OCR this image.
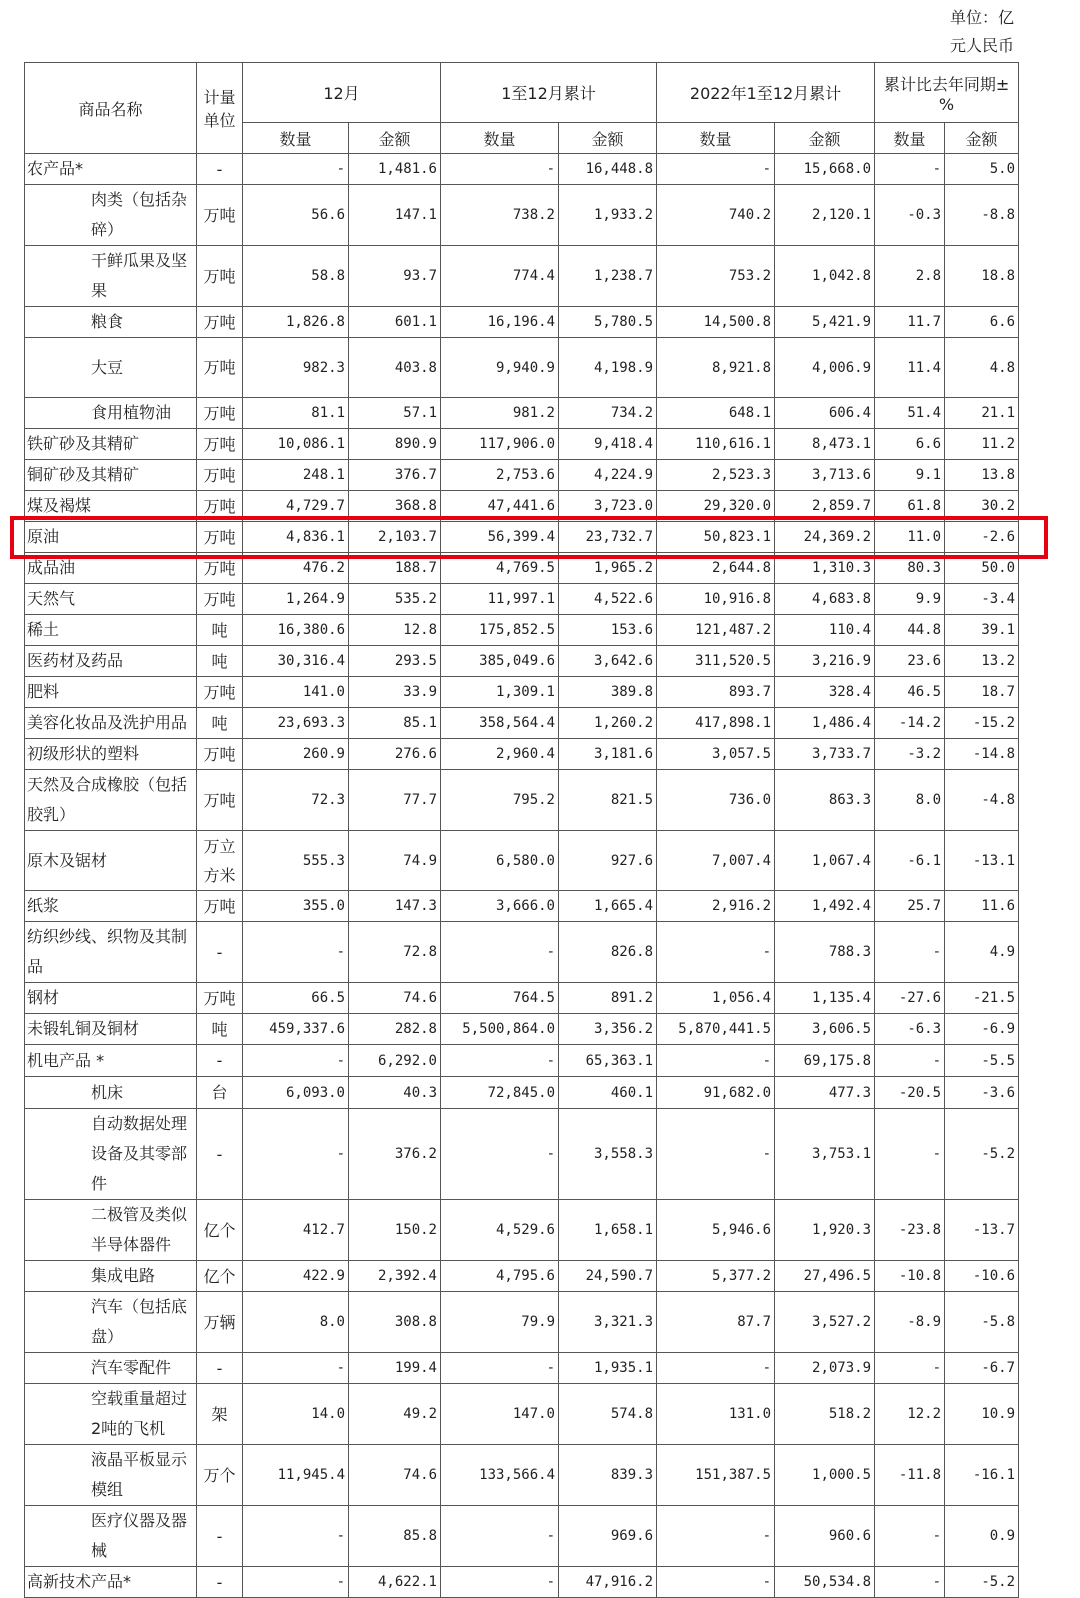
单位：亿
元人民币
商品名称	计量单位	12月		1至12月累计		2022年1至12月累计		累计比去年同期±%	
		数量	金额	数量	金额	数量	金额	数量	金额
农产品*	-	-	1,481.6	-	16,448.8	-	15,668.0	-	5.0
肉类（包括杂碎）	万吨	56.6	147.1	738.2	1,933.2	740.2	2,120.1	-0.3	-8.8
干鲜瓜果及坚果	万吨	58.8	93.7	774.4	1,238.7	753.2	1,042.8	2.8	18.8
粮食	万吨	1,826.8	601.1	16,196.4	5,780.5	14,500.8	5,421.9	11.7	6.6
大豆	万吨	982.3	403.8	9,940.9	4,198.9	8,921.8	4,006.9	11.4	4.8
食用植物油	万吨	81.1	57.1	981.2	734.2	648.1	606.4	51.4	21.1
铁矿砂及其精矿	万吨	10,086.1	890.9	117,906.0	9,418.4	110,616.1	8,473.1	6.6	11.2
铜矿砂及其精矿	万吨	248.1	376.7	2,753.6	4,224.9	2,523.3	3,713.6	9.1	13.8
煤及褐煤	万吨	4,729.7	368.8	47,441.6	3,723.0	29,320.0	2,859.7	61.8	30.2
原油	万吨	4,836.1	2,103.7	56,399.4	23,732.7	50,823.1	24,369.2	11.0	-2.6
成品油	万吨	476.2	188.7	4,769.5	1,965.2	2,644.8	1,310.3	80.3	50.0
天然气	万吨	1,264.9	535.2	11,997.1	4,522.6	10,916.8	4,683.8	9.9	-3.4
稀土	吨	16,380.6	12.8	175,852.5	153.6	121,487.2	110.4	44.8	39.1
医药材及药品	吨	30,316.4	293.5	385,049.6	3,642.6	311,520.5	3,216.9	23.6	13.2
肥料	万吨	141.0	33.9	1,309.1	389.8	893.7	328.4	46.5	18.7
美容化妆品及洗护用品	吨	23,693.3	85.1	358,564.4	1,260.2	417,898.1	1,486.4	-14.2	-15.2
初级形状的塑料	万吨	260.9	276.6	2,960.4	3,181.6	3,057.5	3,733.7	-3.2	-14.8
天然及合成橡胶（包括胶乳）	万吨	72.3	77.7	795.2	821.5	736.0	863.3	8.0	-4.8
原木及锯材	万立方米	555.3	74.9	6,580.0	927.6	7,007.4	1,067.4	-6.1	-13.1
纸浆	万吨	355.0	147.3	3,666.0	1,665.4	2,916.2	1,492.4	25.7	11.6
纺织纱线、织物及其制品	-	-	72.8	-	826.8	-	788.3	-	4.9
钢材	万吨	66.5	74.6	764.5	891.2	1,056.4	1,135.4	-27.6	-21.5
未锻轧铜及铜材	吨	459,337.6	282.8	5,500,864.0	3,356.2	5,870,441.5	3,606.5	-6.3	-6.9
机电产品 *	-	-	6,292.0	-	65,363.1	-	69,175.8	-	-5.5
机床	台	6,093.0	40.3	72,845.0	460.1	91,682.0	477.3	-20.5	-3.6
自动数据处理设备及其零部件	-	-	376.2	-	3,558.3	-	3,753.1	-	-5.2
二极管及类似半导体器件	亿个	412.7	150.2	4,529.6	1,658.1	5,946.6	1,920.3	-23.8	-13.7
集成电路	亿个	422.9	2,392.4	4,795.6	24,590.7	5,377.2	27,496.5	-10.8	-10.6
汽车（包括底盘）	万辆	8.0	308.8	79.9	3,321.3	87.7	3,527.2	-8.9	-5.8
汽车零配件	-	-	199.4	-	1,935.1	-	2,073.9	-	-6.7
空载重量超过2吨的飞机	架	14.0	49.2	147.0	574.8	131.0	518.2	12.2	10.9
液晶平板显示模组	万个	11,945.4	74.6	133,566.4	839.3	151,387.5	1,000.5	-11.8	-16.1
医疗仪器及器械	-	-	85.8	-	969.6	-	960.6	-	0.9
高新技术产品*	-	-	4,622.1	-	47,916.2	-	50,534.8	-	-5.2
